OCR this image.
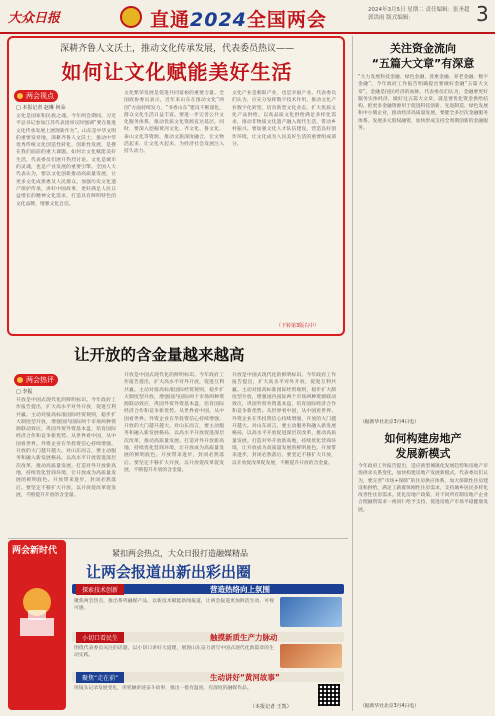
大众日报	直通2024全国两会	2024年3月5日 星期二 责任编辑：张圣超 郭洪雨 版式编辑：	3
深耕齐鲁人文沃土，推动文化传承发展，代表委员热议——
如何让文化赋能美好生活
两会视点
□ 本报记者 赵琳 何朵
文化是国家和民族之魂。今年两会期间，习近平总书记参加江苏代表团审议时强调“要在推进文化传承发展上展现新作为”。山东是中华文明的重要发祥地，深耕齐鲁人文沃土，推动中华优秀传统文化创造性转化、创新性发展，是摆在我们面前的重大课题。如何让文化赋能美好生活，代表委员们展开热烈讨论。文化是城市的灵魂，也是产业发展的重要引擎。全国人大代表认为，要以文化创新推动高质量发展，让更多文化成果惠及人民群众。加强历史文化遗产保护传承，讲好中国故事，更好满足人民日益增长的精神文化需求，打造具有鲜明特色的文化品牌，增强文化自信。
文化繁荣发展是促进共同富裕的重要力量。全国政协委员表示，近年来山东在推动文化“两创”方面持续发力，“书香山东”建设不断深化，群众文化生活日益丰富。要进一步完善公共文化服务体系，推动优质文化资源直达基层。同时，要深入挖掘黄河文化、齐文化、鲁文化、泰山文化等资源，推动文旅深度融合，让文物活起来、让文化火起来，为经济社会发展注入持久动力。
文化产业是朝阳产业，也是幸福产业。代表委员们认为，应充分发挥数字技术作用，推动文化产业数字化转型，培育新型文化业态，扩大优质文化产品供给。以高品质文化供给满足多样化需求，推动非物质文化遗产融入现代生活，带动乡村振兴。要加强文化人才队伍建设，营造良好创作环境，让文化成为人民美好生活的重要组成部分。
（下转第3版右中）
让开放的含金量越来越高
两会热评
□ 李振
开放是中国式现代化的鲜明标识。今年政府工作报告提出，扩大高水平对外开放，促进互利共赢。主动对接高标准国际经贸规则，稳步扩大制度型开放，增强国内国际两个市场两种资源联动效应，巩固外贸外资基本盘，培育国际经济合作和竞争新优势。从世界看中国，从中国看世界。外资企业在华投资信心持续增强，开放的大门越开越大。对山东而言，要主动服务和融入新发展格局，以高水平开放促进深层次改革，推动高质量发展。打造对外开放新高地，持续优化营商环境，让开放成为高质量发展的鲜明底色。开放带来进步，封闭必然落后。要坚定不移扩大开放，以开放促改革促发展，不断提升开放的含金量。
开放是中国式现代化的鲜明标识。今年政府工作报告提出，扩大高水平对外开放，促进互利共赢。主动对接高标准国际经贸规则，稳步扩大制度型开放，增强国内国际两个市场两种资源联动效应，巩固外贸外资基本盘，培育国际经济合作和竞争新优势。从世界看中国，从中国看世界。外资企业在华投资信心持续增强，开放的大门越开越大。对山东而言，要主动服务和融入新发展格局，以高水平开放促进深层次改革，推动高质量发展。打造对外开放新高地，持续优化营商环境，让开放成为高质量发展的鲜明底色。开放带来进步，封闭必然落后。要坚定不移扩大开放，以开放促改革促发展，不断提升开放的含金量。
开放是中国式现代化的鲜明标识。今年政府工作报告提出，扩大高水平对外开放，促进互利共赢。主动对接高标准国际经贸规则，稳步扩大制度型开放，增强国内国际两个市场两种资源联动效应，巩固外贸外资基本盘，培育国际经济合作和竞争新优势。从世界看中国，从中国看世界。外资企业在华投资信心持续增强，开放的大门越开越大。对山东而言，要主动服务和融入新发展格局，以高水平开放促进深层次改革，推动高质量发展。打造对外开放新高地，持续优化营商环境，让开放成为高质量发展的鲜明底色。开放带来进步，封闭必然落后。要坚定不移扩大开放，以开放促改革促发展，不断提升开放的含金量。
关注资金流向
“五篇大文章”有深意
“大力发展科技金融、绿色金融、普惠金融、养老金融、数字金融”，今年政府工作报告明确提出要做好金融“五篇大文章”。金融是国民经济的血脉，代表委员们认为，金融要更好服务实体经济，做好这五篇大文章，就是要优化资金供给结构，把更多金融资源用于促进科技创新、先进制造、绿色发展和中小微企业，推动经济高质量发展。要健全多层次金融服务体系，发展多元股权融资，加快形成支持全周期创新的金融服务。
（据新华社北京3月4日电）
如何构建房地产
发展新模式
今年政府工作报告提出，适应新型城镇化发展趋势和房地产市场供求关系变化，加快构建房地产发展新模式。代表委员们认为，要完善“市场+保障”的住房供应体系，加大保障性住房建设和供给，满足工薪群体刚性住房需求，支持城乡居民多样化改善性住房需求。优化房地产政策，对不同所有制房地产企业合理融资需求一视同仁给予支持，促进房地产市场平稳健康发展。
（据新华社北京3月4日电）
两会新时代	紧扣两会热点，大众日报打造融媒精品
让两会报道出新出彩出圈
探索技术创新	营造热络向上氛围
聚焦两会热点，推出系列融媒产品，以新技术赋能新闻报道，让两会报道更加鲜活生动、可视可感。
小切口看民生	触摸新质生产力脉动
围绕代表委员关注的话题，以小切口讲好大道理，展现山东奋力谱写中国式现代化新篇章的生动实践。
聚焦“走在前”	生动讲好“黄河故事”
用镜头记录发展变化，用笔触讲述奋斗故事，推出一批有温度、有深度的融媒作品。
（本报记者 王凯）
